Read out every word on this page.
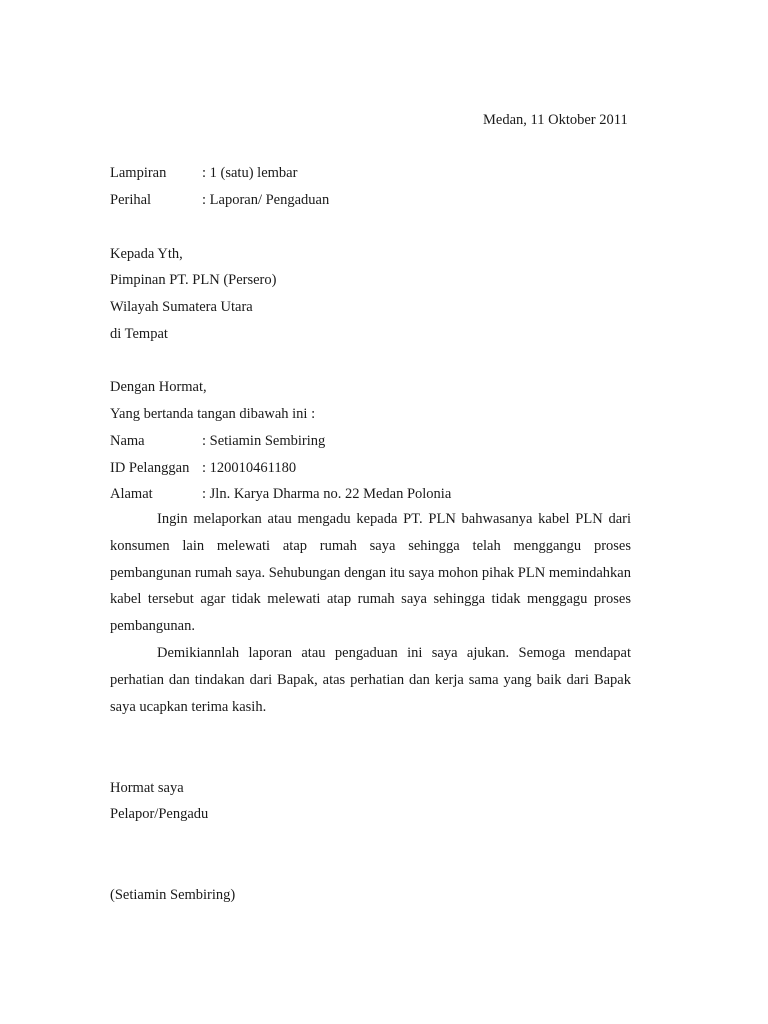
Medan, 11 Oktober 2011
Lampiran : 1 (satu) lembar
Perihal	: Laporan/ Pengaduan
Kepada Yth,
Pimpinan PT. PLN (Persero)
Wilayah Sumatera Utara
di Tempat
Dengan Hormat,
Yang bertanda tangan dibawah ini :
Nama	: Setiamin Sembiring
ID Pelanggan : 120010461180
Alamat	: Jln. Karya Dharma no. 22 Medan Polonia

Ingin melaporkan atau mengadu kepada PT. PLN bahwasanya kabel PLN dari konsumen lain melewati atap rumah saya sehingga telah menggangu proses pembangunan rumah saya. Sehubungan dengan itu saya mohon pihak PLN memindahkan kabel tersebut agar tidak melewati atap rumah saya sehingga tidak menggagu proses pembangunan.

Demikiannlah laporan atau pengaduan ini saya ajukan. Semoga mendapat perhatian dan tindakan dari Bapak, atas perhatian dan kerja sama yang baik dari Bapak saya ucapkan terima kasih.

Hormat saya
Pelapor/Pengadu
(Setiamin Sembiring)
